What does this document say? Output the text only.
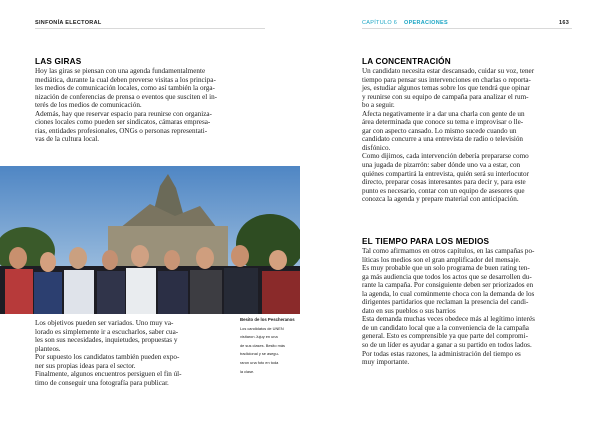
SINFONÍA ELECTORAL	CAPÍTULO 6 OPERACIONES	163
LAS GIRAS

Hoy las giras se piensan con una agenda fundamentalmente

mediática, durante la cual deben preverse visitas a los principa-

les medios de comunicación locales, como así también la orga-

nización de conferencias de prensa o eventos que susciten el in-

terés de los medios de comunicación.

Además, hay que reservar espacio para reunirse con organiza-

ciones locales como pueden ser sindicatos, cámaras empresa-

rias, entidades profesionales, ONGs o personas representati-

vas de la cultura local.

Los objetivos pueden ser variados. Uno muy va-

lorado es simplemente ir a escucharlos, saber cua-

les son sus necesidades, inquietudes, propuestas y

planteos.

Por supuesto los candidatos también pueden expo-

ner sus propias ideas para el sector.

Finalmente, algunos encuentros persiguen el fin úl-

timo de conseguir una fotografía para publicar.

Besito de los Pescheranos

Los candidatos de UNEN

visitaron Jujuy en una

de sus clases. Besito más

tradicional y se asegu-

raron una foto en toda

la clase.

LA CONCENTRACIÓN

Un candidato necesita estar descansado, cuidar su voz, tener

tiempo para pensar sus intervenciones en charlas o reporta-

jes, estudiar algunos temas sobre los que tendrá que opinar

y reunirse con su equipo de campaña para analizar el rum-

bo a seguir.

Afecta negativamente ir a dar una charla con gente de un

área determinada que conoce su tema e improvisar o lle-

gar con aspecto cansado. Lo mismo sucede cuando un

candidato concurre a una entrevista de radio o televisión

disfónico.

Como dijimos, cada intervención debería prepararse como

una jugada de pizarrón: saber dónde uno va a estar, con

quiénes compartirá la entrevista, quién será su interlocutor

directo, preparar cosas interesantes para decir y, para este

punto es necesario, contar con un equipo de asesores que

conozca la agenda y prepare material con anticipación.

EL TIEMPO PARA LOS MEDIOS

Tal como afirmamos en otros capítulos, en las campañas po-

líticas los medios son el gran amplificador del mensaje.

Es muy probable que un solo programa de buen rating ten-

ga más audiencia que todos los actos que se desarrollen du-

rante la campaña. Por consiguiente deben ser priorizados en

la agenda, lo cual comúnmente choca con la demanda de los

dirigentes partidarios que reclaman la presencia del candi-

dato en sus pueblos o sus barrios

Esta demanda muchas veces obedece más al legítimo interés

de un candidato local que a la conveniencia de la campaña

general. Esto es comprensible ya que parte del compromi-

so de un líder es ayudar a ganar a su partido en todos lados.

Por todas estas razones, la administración del tiempo es

muy importante.
